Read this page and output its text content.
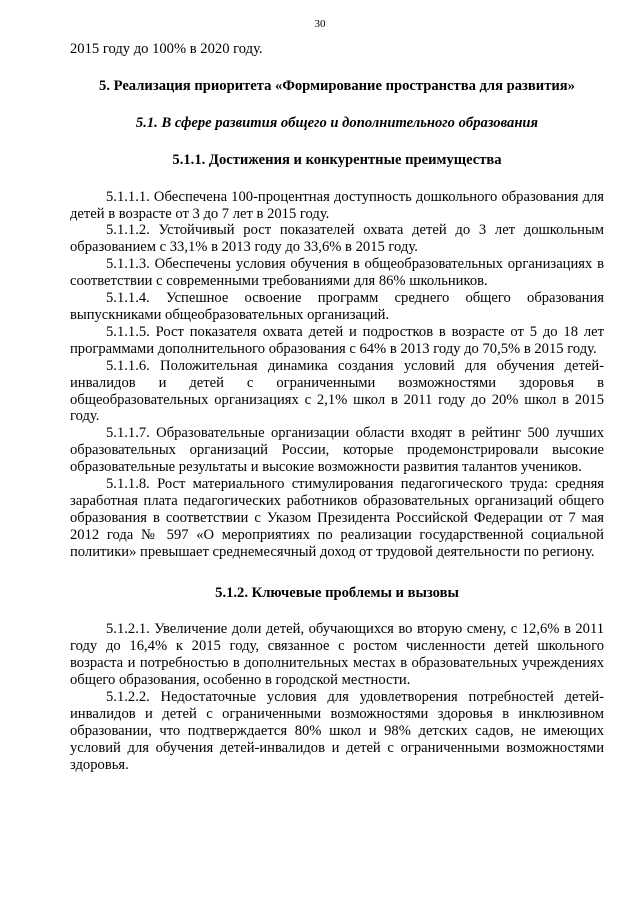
30

2015 году до 100% в 2020 году.

5. Реализация приоритета «Формирование пространства для развития»

5.1. В сфере развития общего и дополнительного образования

5.1.1. Достижения и конкурентные преимущества

5.1.1.1. Обеспечена 100-процентная доступность дошкольного образования для детей в возрасте от 3 до 7 лет в 2015 году.

5.1.1.2. Устойчивый рост показателей охвата детей до 3 лет дошкольным образованием с 33,1% в 2013 году до 33,6% в 2015 году.

5.1.1.3. Обеспечены условия обучения в общеобразовательных организациях в соответствии с современными требованиями для 86% школьников.

5.1.1.4. Успешное освоение программ среднего общего образования выпускниками общеобразовательных организаций.

5.1.1.5. Рост показателя охвата детей и подростков в возрасте от 5 до 18 лет программами дополнительного образования с 64% в 2013 году до 70,5% в 2015 году.

5.1.1.6. Положительная динамика создания условий для обучения детей-инвалидов и детей с ограниченными возможностями здоровья в общеобразовательных организациях с 2,1% школ в 2011 году до 20% школ в 2015 году.

5.1.1.7. Образовательные организации области входят в рейтинг 500 лучших образовательных организаций России, которые продемонстрировали высокие образовательные результаты и высокие возможности развития талантов учеников.

5.1.1.8. Рост материального стимулирования педагогического труда: средняя заработная плата педагогических работников образовательных организаций общего образования в соответствии с Указом Президента Российской Федерации от 7 мая 2012 года № 597 «О мероприятиях по реализации государственной социальной политики» превышает среднемесячный доход от трудовой деятельности по региону.

5.1.2. Ключевые проблемы и вызовы

5.1.2.1. Увеличение доли детей, обучающихся во вторую смену, с 12,6% в 2011 году до 16,4% к 2015 году, связанное с ростом численности детей школьного возраста и потребностью в дополнительных местах в образовательных учреждениях общего образования, особенно в городской местности.

5.1.2.2. Недостаточные условия для удовлетворения потребностей детей-инвалидов и детей с ограниченными возможностями здоровья в инклюзивном образовании, что подтверждается 80% школ и 98% детских садов, не имеющих условий для обучения детей-инвалидов и детей с ограниченными возможностями здоровья.
